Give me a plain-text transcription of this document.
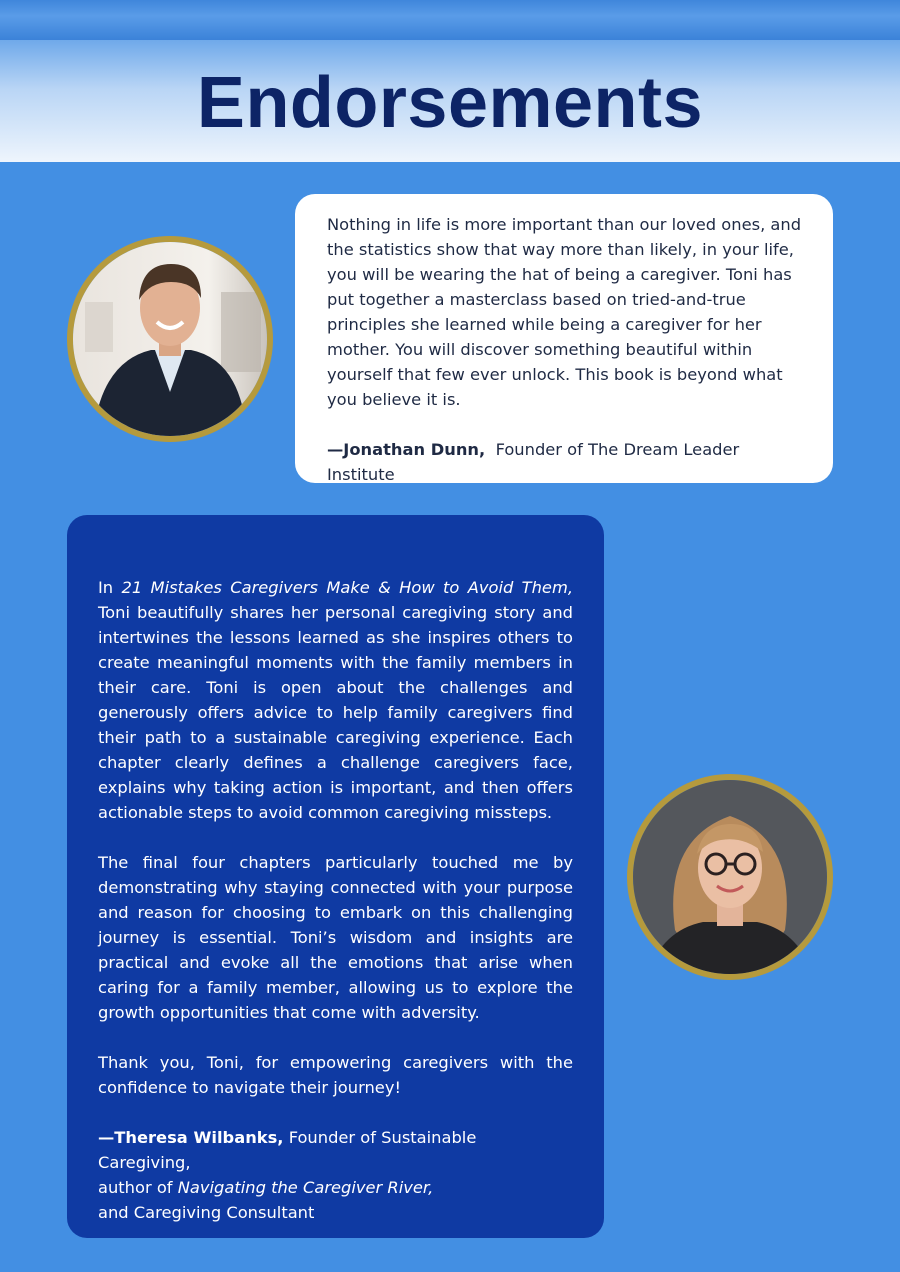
Endorsements

Nothing in life is more important than our loved ones, and the statistics show that way more than likely, in your life, you will be wearing the hat of being a caregiver. Toni has put together a masterclass based on tried-and-true principles she learned while being a caregiver for her mother. You will discover something beautiful within yourself that few ever unlock. This book is beyond what you believe it is.

—Jonathan Dunn, Founder of The Dream Leader Institute

In 21 Mistakes Caregivers Make & How to Avoid Them, Toni beautifully shares her personal caregiving story and intertwines the lessons learned as she inspires others to create meaningful moments with the family members in their care. Toni is open about the challenges and generously offers advice to help family caregivers find their path to a sustainable caregiving experience. Each chapter clearly defines a challenge caregivers face, explains why taking action is important, and then offers actionable steps to avoid common caregiving missteps.

The final four chapters particularly touched me by demonstrating why staying connected with your purpose and reason for choosing to embark on this challenging journey is essential. Toni’s wisdom and insights are practical and evoke all the emotions that arise when caring for a family member, allowing us to explore the growth opportunities that come with adversity.

Thank you, Toni, for empowering caregivers with the confidence to navigate their journey!

—Theresa Wilbanks, Founder of Sustainable Caregiving,
author of Navigating the Caregiver River,
and Caregiving Consultant
